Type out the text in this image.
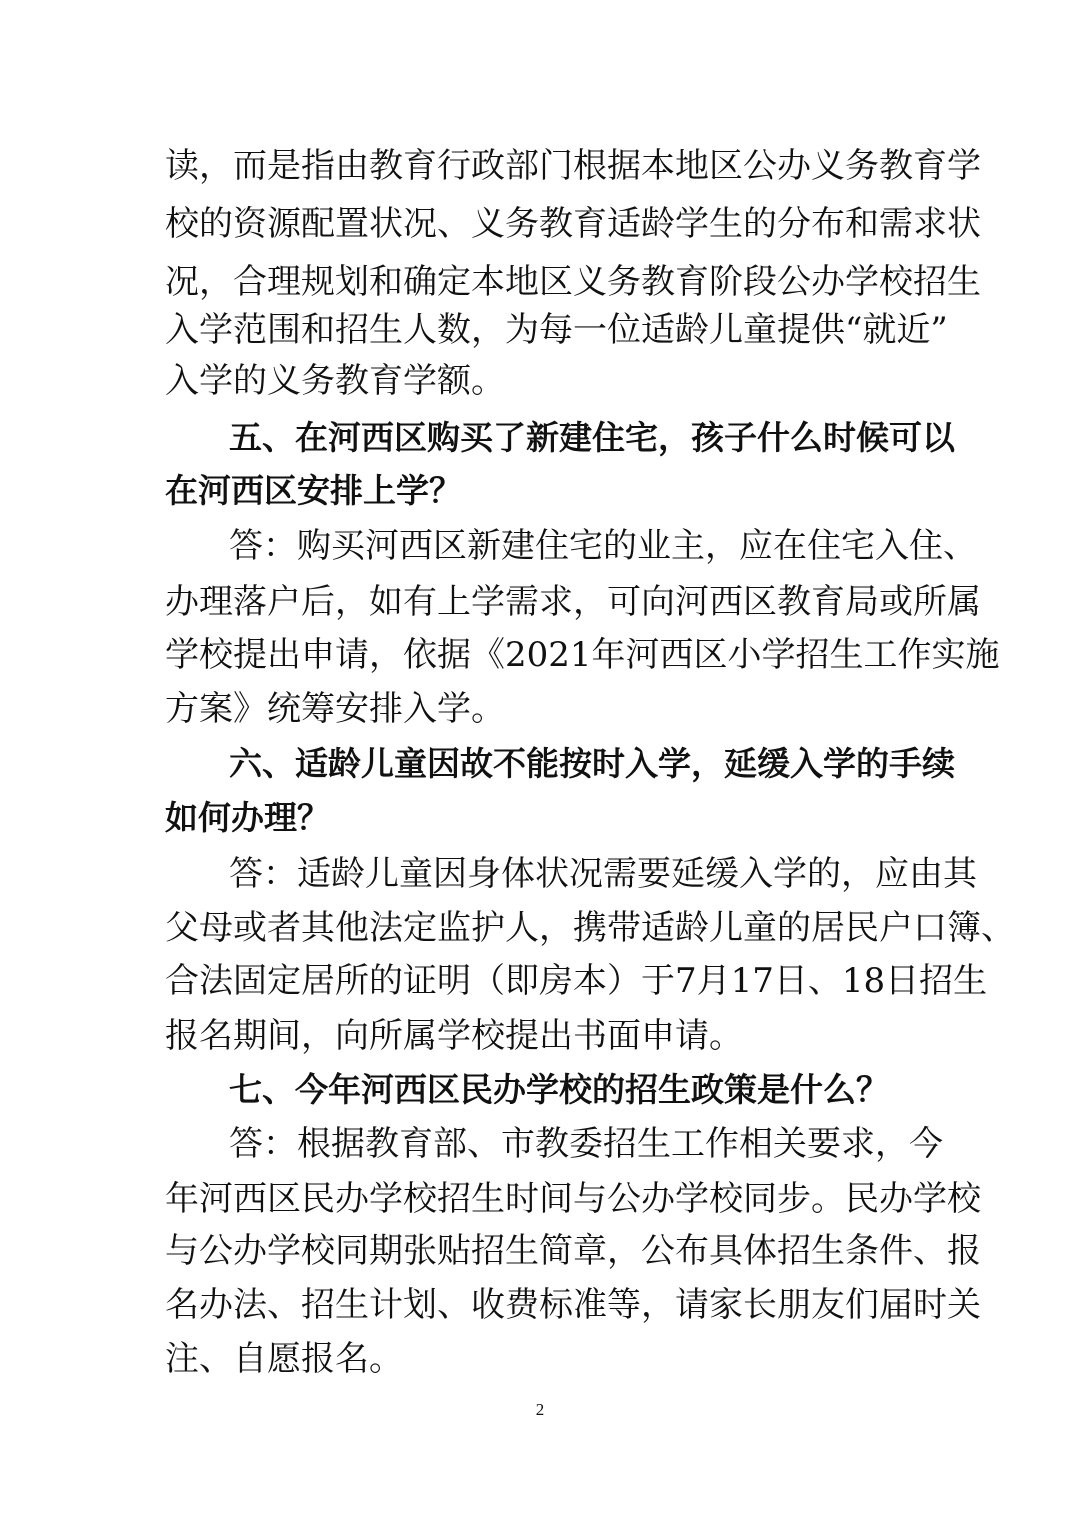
读，而是指由教育行政部门根据本地区公办义务教育学
校的资源配置状况、义务教育适龄学生的分布和需求状
况，合理规划和确定本地区义务教育阶段公办学校招生
入学范围和招生人数，为每一位适龄儿童提供“就近”
入学的义务教育学额。
五、在河西区购买了新建住宅，孩子什么时候可以
在河西区安排上学？
答：购买河西区新建住宅的业主，应在住宅入住、
办理落户后，如有上学需求，可向河西区教育局或所属
学校提出申请，依据《2021年河西区小学招生工作实施
方案》统筹安排入学。
六、适龄儿童因故不能按时入学，延缓入学的手续
如何办理？
答：适龄儿童因身体状况需要延缓入学的，应由其
父母或者其他法定监护人，携带适龄儿童的居民户口簿、
合法固定居所的证明（即房本）于7月17日、18日招生
报名期间，向所属学校提出书面申请。
七、今年河西区民办学校的招生政策是什么？
答：根据教育部、市教委招生工作相关要求，今
年河西区民办学校招生时间与公办学校同步。民办学校
与公办学校同期张贴招生简章，公布具体招生条件、报
名办法、招生计划、收费标准等，请家长朋友们届时关
注、自愿报名。
2
